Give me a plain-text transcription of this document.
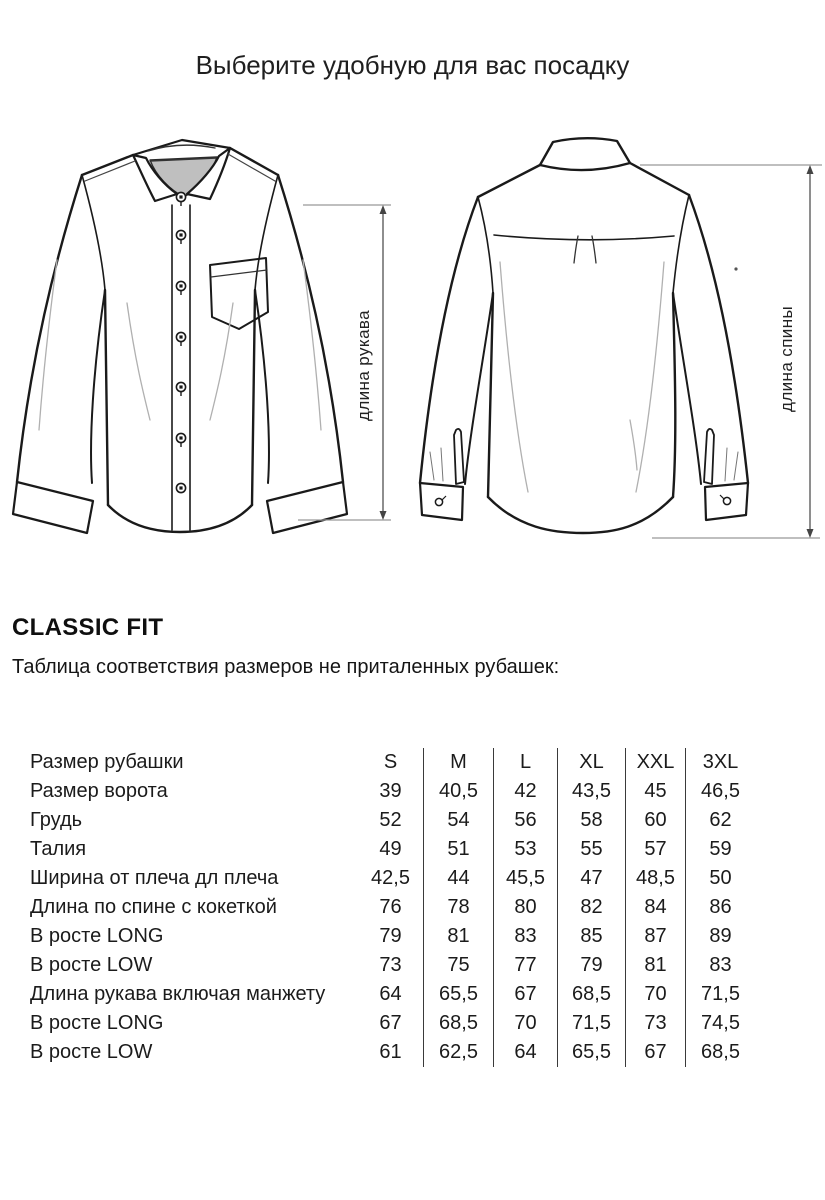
Выберите удобную для вас посадку
длина рукава	длина спины
CLASSIC FIT
Таблица соответствия размеров не приталенных рубашек:
Размер рубашки	S	M	L	XL	XXL	3XL
Размер ворота	39	40,5	42	43,5	45	46,5
Грудь	52	54	56	58	60	62
Талия	49	51	53	55	57	59
Ширина от плеча дл плеча	42,5	44	45,5	47	48,5	50
Длина по спине с кокеткой	76	78	80	82	84	86
В росте LONG	79	81	83	85	87	89
В росте LOW	73	75	77	79	81	83
Длина рукава включая манжету	64	65,5	67	68,5	70	71,5
В росте LONG	67	68,5	70	71,5	73	74,5
В росте LOW	61	62,5	64	65,5	67	68,5
